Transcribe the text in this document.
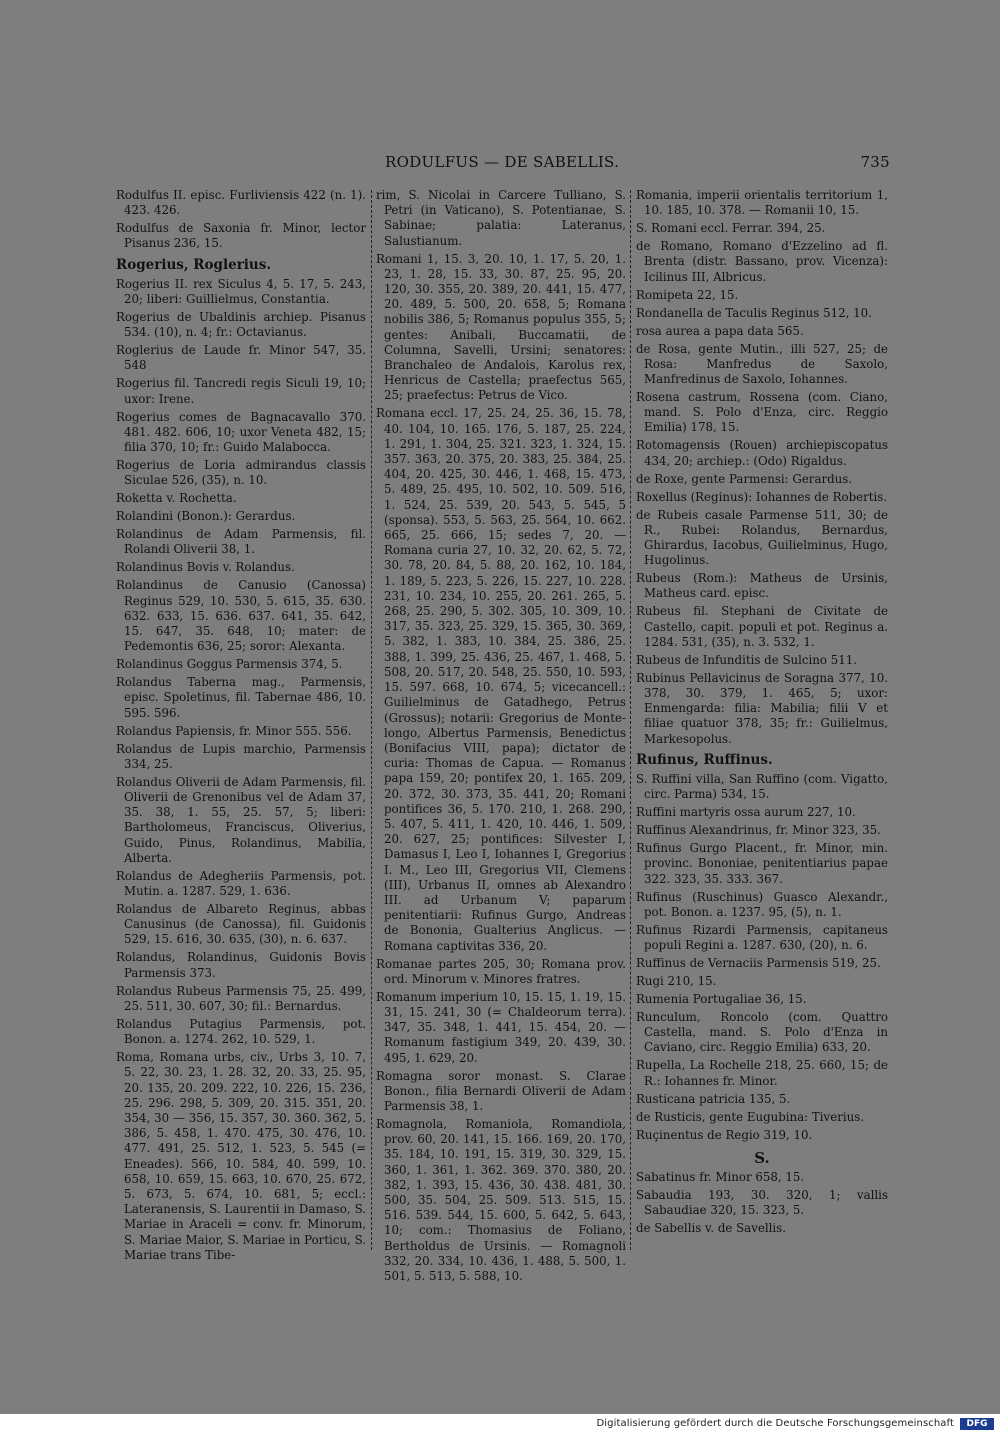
RODULFUS — DE SABELLIS.	735
Rodulfus II. episc. Furliviensis 422 (n. 1). 423. 426.
Rodulfus de Saxonia fr. Minor, lector Pisanus 236, 15.
Rogerius, Roglerius.
Rogerius II. rex Siculus 4, 5. 17, 5. 243, 20; liberi: Guillielmus, Constantia.
Rogerius de Ubaldinis archiep. Pisanus 534. (10), n. 4; fr.: Octavianus.
Roglerius de Laude fr. Minor 547, 35. 548
Rogerius fil. Tancredi regis Siculi 19, 10; uxor: Irene.
Rogerius comes de Bagnacavallo 370. 481. 482. 606, 10; uxor Veneta 482, 15; filia 370, 10; fr.: Guido Malabocca.
Rogerius de Loria admirandus classis Siculae 526, (35), n. 10.
Roketta v. Rochetta.
Rolandini (Bonon.): Gerardus.
Rolandinus de Adam Parmensis, fil. Rolandi Oliverii 38, 1.
Rolandinus Bovis v. Rolandus.
Rolandinus de Canusio (Canossa) Reginus 529, 10. 530, 5. 615, 35. 630. 632. 633, 15. 636. 637. 641, 35. 642, 15. 647, 35. 648, 10; mater: de Pedemontis 636, 25; soror: Alexanta.
Rolandinus Goggus Parmensis 374, 5.
Rolandus Taberna mag., Parmensis, episc. Spoletinus, fil. Tabernae 486, 10. 595. 596.
Rolandus Papiensis, fr. Minor 555. 556.
Rolandus de Lupis marchio, Parmensis 334, 25.
Rolandus Oliverii de Adam Parmensis, fil. Oliverii de Grenonibus vel de Adam 37, 35. 38, 1. 55, 25. 57, 5; liberi: Bartholomeus, Franciscus, Oliverius, Guido, Pinus, Rolandinus, Mabilia, Alberta.
Rolandus de Adegheriis Parmensis, pot. Mutin. a. 1287. 529, 1. 636.
Rolandus de Albareto Reginus, abbas Canusinus (de Canossa), fil. Guidonis 529, 15. 616, 30. 635, (30), n. 6. 637.
Rolandus, Rolandinus, Guidonis Bovis Parmensis 373.
Rolandus Rubeus Parmensis 75, 25. 499, 25. 511, 30. 607, 30; fil.: Bernardus.
Rolandus Putagius Parmensis, pot. Bonon. a. 1274. 262, 10. 529, 1.
Roma, Romana urbs, civ., Urbs 3, 10. 7, 5. 22, 30. 23, 1. 28. 32, 20. 33, 25. 95, 20. 135, 20. 209. 222, 10. 226, 15. 236, 25. 296. 298, 5. 309, 20. 315. 351, 20. 354, 30 — 356, 15. 357, 30. 360. 362, 5. 386, 5. 458, 1. 470. 475, 30. 476, 10. 477. 491, 25. 512, 1. 523, 5. 545 (= Eneades). 566, 10. 584, 40. 599, 10. 658, 10. 659, 15. 663, 10. 670, 25. 672, 5. 673, 5. 674, 10. 681, 5; eccl.: Lateranensis, S. Laurentii in Damaso, S. Mariae in Araceli = conv. fr. Minorum, S. Mariae Maior, S. Mariae in Porticu, S. Mariae trans Tibe-
rim, S. Nicolai in Carcere Tulliano, S. Petri (in Vaticano), S. Potentianae, S. Sabinae; palatia: Lateranus, Salustianum.
Romani 1, 15. 3, 20. 10, 1. 17, 5. 20, 1. 23, 1. 28, 15. 33, 30. 87, 25. 95, 20. 120, 30. 355, 20. 389, 20. 441, 15. 477, 20. 489, 5. 500, 20. 658, 5; Romana nobilis 386, 5; Romanus populus 355, 5; gentes: Anibali, Buccamatii, de Columna, Savelli, Ursini; senatores: Branchaleo de Andalois, Karolus rex, Henricus de Castella; praefectus 565, 25; praefectus: Petrus de Vico.
Romana eccl. 17, 25. 24, 25. 36, 15. 78, 40. 104, 10. 165. 176, 5. 187, 25. 224, 1. 291, 1. 304, 25. 321. 323, 1. 324, 15. 357. 363, 20. 375, 20. 383, 25. 384, 25. 404, 20. 425, 30. 446, 1. 468, 15. 473, 5. 489, 25. 495, 10. 502, 10. 509. 516, 1. 524, 25. 539, 20. 543, 5. 545, 5 (sponsa). 553, 5. 563, 25. 564, 10. 662. 665, 25. 666, 15; sedes 7, 20. — Romana curia 27, 10. 32, 20. 62, 5. 72, 30. 78, 20. 84, 5. 88, 20. 162, 10. 184, 1. 189, 5. 223, 5. 226, 15. 227, 10. 228. 231, 10. 234, 10. 255, 20. 261. 265, 5. 268, 25. 290, 5. 302. 305, 10. 309, 10. 317, 35. 323, 25. 329, 15. 365, 30. 369, 5. 382, 1. 383, 10. 384, 25. 386, 25. 388, 1. 399, 25. 436, 25. 467, 1. 468, 5. 508, 20. 517, 20. 548, 25. 550, 10. 593, 15. 597. 668, 10. 674, 5; vicecancell.: Guilielminus de Gatadhego, Petrus (Grossus); notarii: Gregorius de Monte-longo, Albertus Parmensis, Benedictus (Bonifacius VIII, papa); dictator de curia: Thomas de Capua. — Romanus papa 159, 20; pontifex 20, 1. 165. 209, 20. 372, 30. 373, 35. 441, 20; Romani pontifices 36, 5. 170. 210, 1. 268. 290, 5. 407, 5. 411, 1. 420, 10. 446, 1. 509, 20. 627, 25; pontifices: Silvester I, Damasus I, Leo I, Iohannes I, Gregorius I. M., Leo III, Gregorius VII, Clemens (III), Urbanus II, omnes ab Alexandro III. ad Urbanum V; paparum penitentiarii: Rufinus Gurgo, Andreas de Bononia, Gualterius Anglicus. — Romana captivitas 336, 20.
Romanae partes 205, 30; Romana prov. ord. Minorum v. Minores fratres.
Romanum imperium 10, 15. 15, 1. 19, 15. 31, 15. 241, 30 (= Chaldeorum terra). 347, 35. 348, 1. 441, 15. 454, 20. — Romanum fastigium 349, 20. 439, 30. 495, 1. 629, 20.
Romagna soror monast. S. Clarae Bonon., filia Bernardi Oliverii de Adam Parmensis 38, 1.
Romagnola, Romaniola, Romandiola, prov. 60, 20. 141, 15. 166. 169, 20. 170, 35. 184, 10. 191, 15. 319, 30. 329, 15. 360, 1. 361, 1. 362. 369. 370. 380, 20. 382, 1. 393, 15. 436, 30. 438. 481, 30. 500, 35. 504, 25. 509. 513. 515, 15. 516. 539. 544, 15. 600, 5. 642, 5. 643, 10; com.: Thomasius de Foliano, Bertholdus de Ursinis. — Romagnoli 332, 20. 334, 10. 436, 1. 488, 5. 500, 1. 501, 5. 513, 5. 588, 10.
Romania, imperii orientalis territorium 1, 10. 185, 10. 378. — Romanii 10, 15.
S. Romani eccl. Ferrar. 394, 25.
de Romano, Romano d'Ezzelino ad fl. Brenta (distr. Bassano, prov. Vicenza): Icilinus III, Albricus.
Romipeta 22, 15.
Rondanella de Taculis Reginus 512, 10.
rosa aurea a papa data 565.
de Rosa, gente Mutin., illi 527, 25; de Rosa: Manfredus de Saxolo, Manfredinus de Saxolo, Iohannes.
Rosena castrum, Rossena (com. Ciano, mand. S. Polo d'Enza, circ. Reggio Emilia) 178, 15.
Rotomagensis (Rouen) archiepiscopatus 434, 20; archiep.: (Odo) Rigaldus.
de Roxe, gente Parmensi: Gerardus.
Roxellus (Reginus): Iohannes de Robertis.
de Rubeis casale Parmense 511, 30; de R., Rubei: Rolandus, Bernardus, Ghirardus, Iacobus, Guilielminus, Hugo, Hugolinus.
Rubeus (Rom.): Matheus de Ursinis, Matheus card. episc.
Rubeus fil. Stephani de Civitate de Castello, capit. populi et pot. Reginus a. 1284. 531, (35), n. 3. 532, 1.
Rubeus de Infunditis de Sulcino 511.
Rubinus Pellavicinus de Soragna 377, 10. 378, 30. 379, 1. 465, 5; uxor: Enmengarda: filia: Mabilia; filii V et filiae quatuor 378, 35; fr.: Guilielmus, Markesopolus.
Rufinus, Ruffinus.
S. Ruffini villa, San Ruffino (com. Vigatto, circ. Parma) 534, 15.
Ruffini martyris ossa aurum 227, 10.
Ruffinus Alexandrinus, fr. Minor 323, 35.
Rufinus Gurgo Placent., fr. Minor, min. provinc. Bononiae, penitentiarius papae 322. 323, 35. 333. 367.
Rufinus (Ruschinus) Guasco Alexandr., pot. Bonon. a. 1237. 95, (5), n. 1.
Rufinus Rizardi Parmensis, capitaneus populi Regini a. 1287. 630, (20), n. 6.
Ruffinus de Vernaciis Parmensis 519, 25.
Rugi 210, 15.
Rumenia Portugaliae 36, 15.
Runculum, Roncolo (com. Quattro Castella, mand. S. Polo d'Enza in Caviano, circ. Reggio Emilia) 633, 20.
Rupella, La Rochelle 218, 25. 660, 15; de R.: Iohannes fr. Minor.
Rusticana patricia 135, 5.
de Rusticis, gente Eugubina: Tiverius.
Ruçinentus de Regio 319, 10.
S.
Sabatinus fr. Minor 658, 15.
Sabaudia 193, 30. 320, 1; vallis Sabaudiae 320, 15. 323, 5.
de Sabellis v. de Savellis.
Digitalisierung gefördert durch die Deutsche Forschungsgemeinschaft	DFG
